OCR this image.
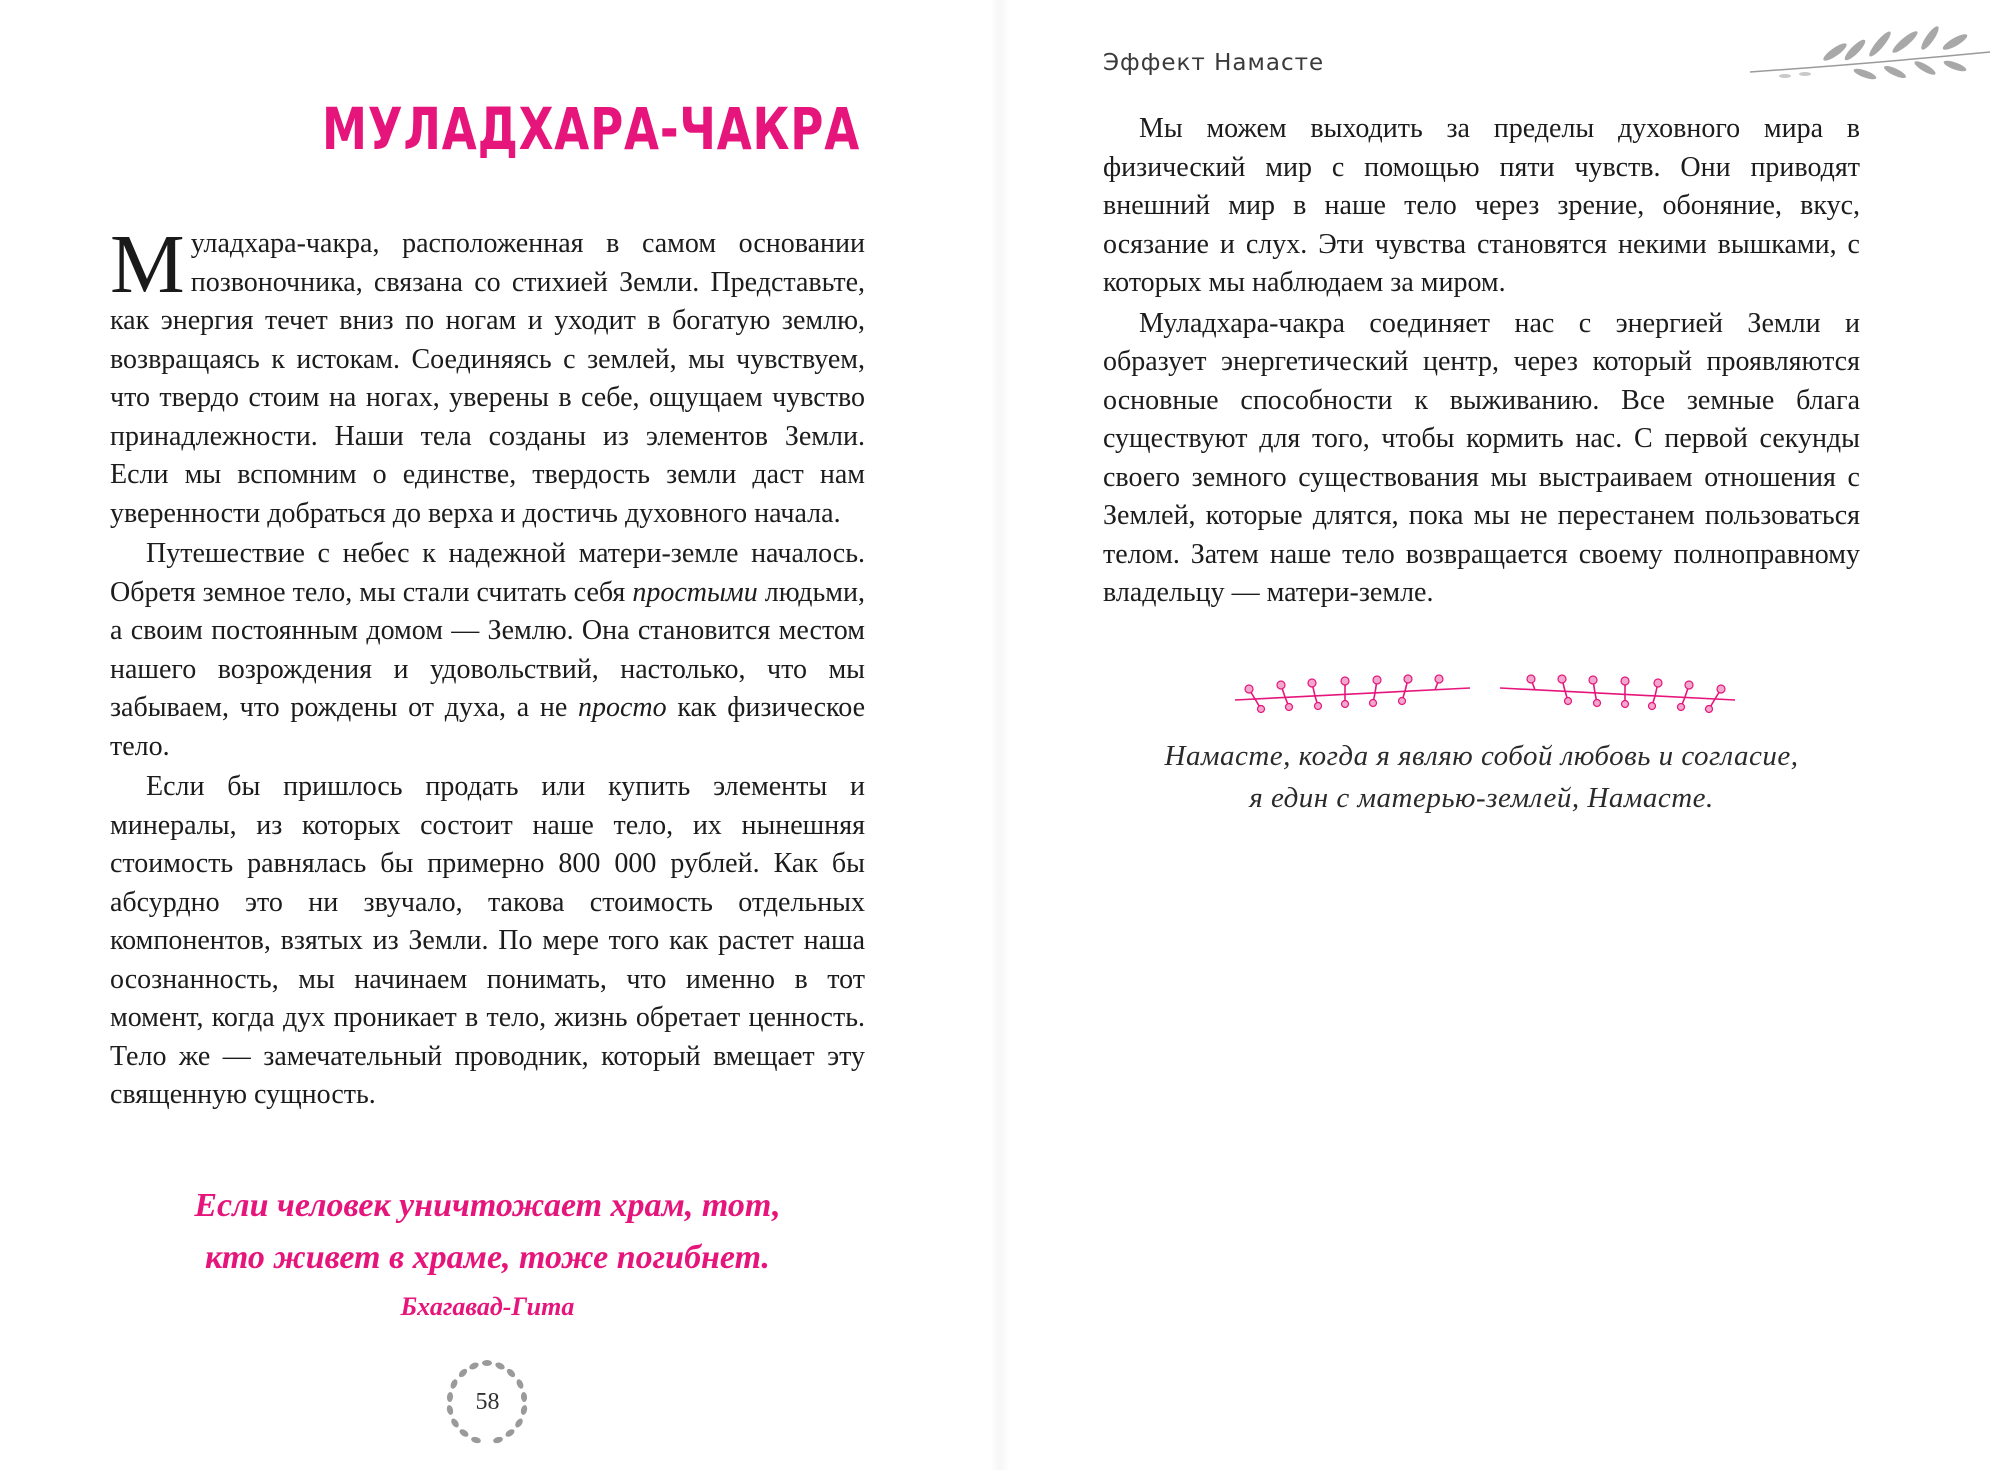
МУЛАДХАРА-ЧАКРА

Муладхара-чакра, расположенная в самом основании позвоночника, связана со стихией Земли. Представьте, как энергия течет вниз по ногам и уходит в богатую землю, возвращаясь к истокам. Соединяясь с землей, мы чувствуем, что твердо стоим на ногах, уверены в себе, ощущаем чувство принадлежности. Наши тела созданы из элементов Земли. Если мы вспомним о единстве, твердость земли даст нам уверенности добраться до верха и достичь духовного начала.

Путешествие с небес к надежной матери-земле началось. Обретя земное тело, мы стали считать себя простыми людьми, а своим постоянным домом — Землю. Она становится местом нашего возрождения и удовольствий, настолько, что мы забываем, что рождены от духа, а не просто как физическое тело.

Если бы пришлось продать или купить элементы и минералы, из которых состоит наше тело, их нынешняя стоимость равнялась бы примерно 800 000 рублей. Как бы абсурдно это ни звучало, такова стоимость отдельных компонентов, взятых из Земли. По мере того как растет наша осознанность, мы начинаем понимать, что именно в тот момент, когда дух проникает в тело, жизнь обретает ценность. Тело же — замечательный проводник, который вмещает эту священную сущность.

Если человек уничтожает храм, тот,
кто живет в храме, тоже погибнет.
Бхагавад-Гита
58
Эффект Намасте

Мы можем выходить за пределы духовного мира в физический мир с помощью пяти чувств. Они приводят внешний мир в наше тело через зрение, обоняние, вкус, осязание и слух. Эти чувства становятся некими вышками, с которых мы наблюдаем за миром.

Муладхара-чакра соединяет нас с энергией Земли и образует энергетический центр, через который проявляются основные способности к выживанию. Все земные блага существуют для того, чтобы кормить нас. С первой секунды своего земного существования мы выстраиваем отношения с Землей, которые длятся, пока мы не перестанем пользоваться телом. Затем наше тело возвращается своему полноправному владельцу — матери-земле.

Намасте, когда я являю собой любовь и согласие,
я един с матерью-землей, Намасте.
